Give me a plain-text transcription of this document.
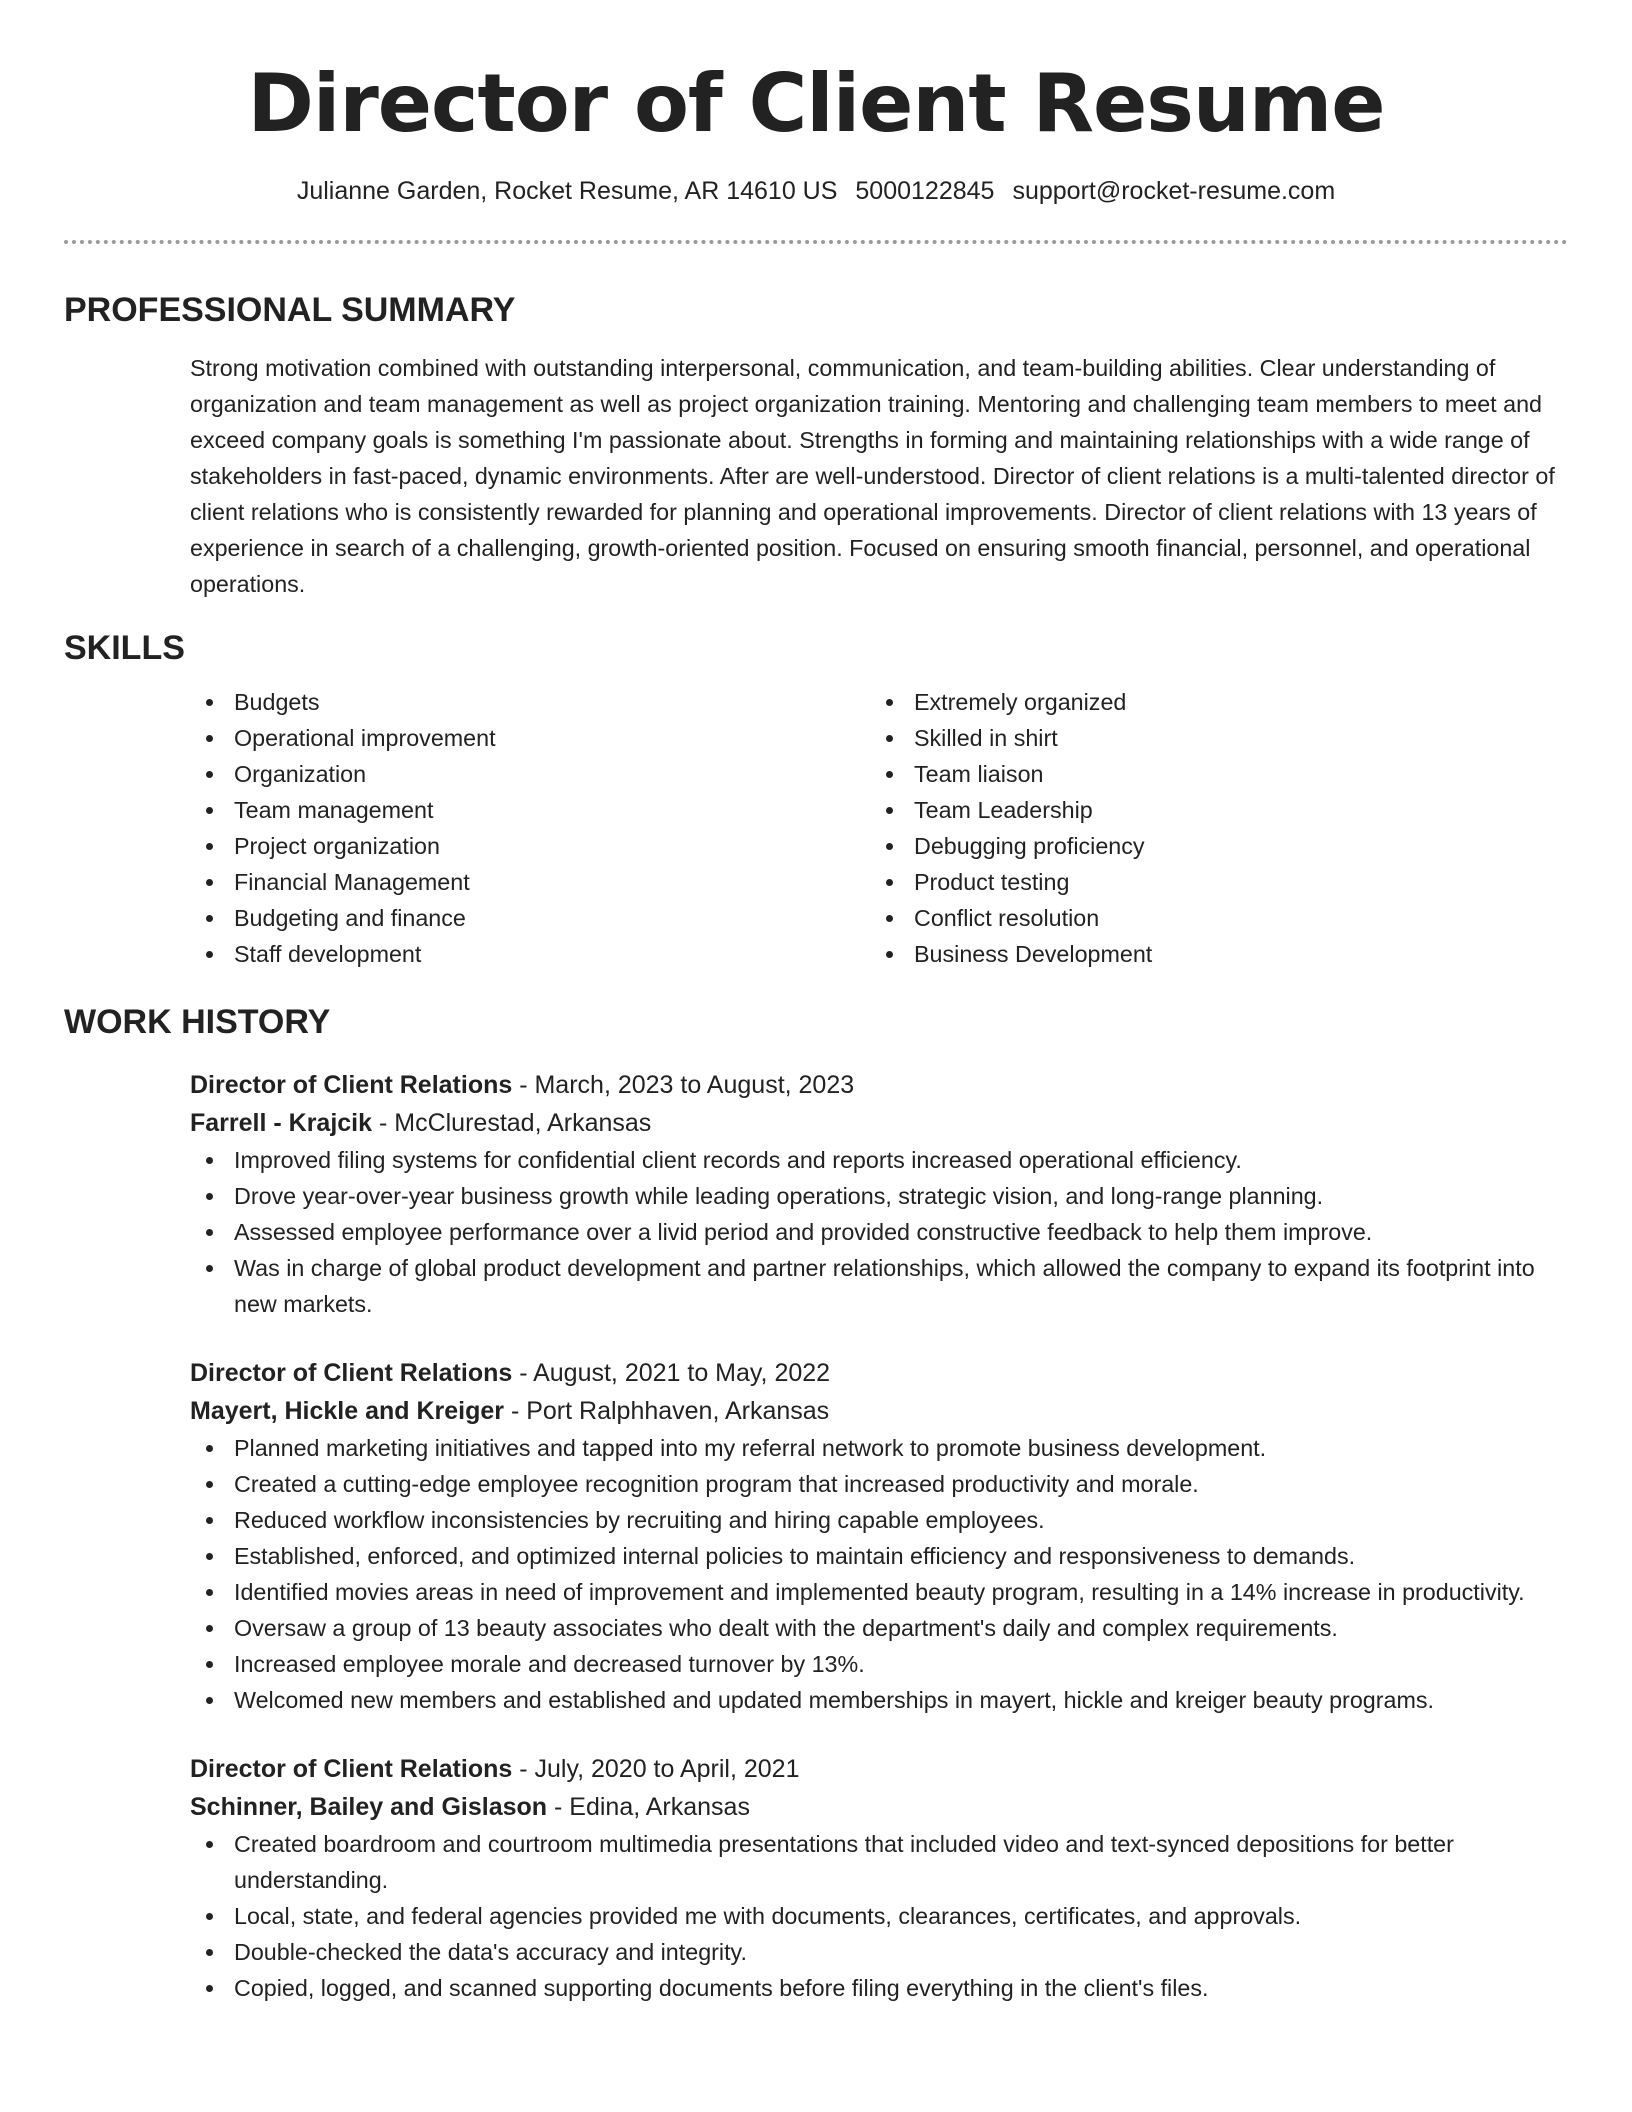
Director of Client Resume
Julianne Garden, Rocket Resume, AR 14610 US 5000122845 support@rocket-resume.com
PROFESSIONAL SUMMARY
Strong motivation combined with outstanding interpersonal, communication, and team-building abilities. Clear understanding of organization and team management as well as project organization training. Mentoring and challenging team members to meet and exceed company goals is something I'm passionate about. Strengths in forming and maintaining relationships with a wide range of stakeholders in fast-paced, dynamic environments. After are well-understood. Director of client relations is a multi-talented director of client relations who is consistently rewarded for planning and operational improvements. Director of client relations with 13 years of experience in search of a challenging, growth-oriented position. Focused on ensuring smooth financial, personnel, and operational operations.
SKILLS
Budgets
Operational improvement
Organization
Team management
Project organization
Financial Management
Budgeting and finance
Staff development
Extremely organized
Skilled in shirt
Team liaison
Team Leadership
Debugging proficiency
Product testing
Conflict resolution
Business Development
WORK HISTORY
Director of Client Relations - March, 2023 to August, 2023
Farrell - Krajcik - McClurestad, Arkansas
Improved filing systems for confidential client records and reports increased operational efficiency.
Drove year-over-year business growth while leading operations, strategic vision, and long-range planning.
Assessed employee performance over a livid period and provided constructive feedback to help them improve.
Was in charge of global product development and partner relationships, which allowed the company to expand its footprint into new markets.
Director of Client Relations - August, 2021 to May, 2022
Mayert, Hickle and Kreiger - Port Ralphhaven, Arkansas
Planned marketing initiatives and tapped into my referral network to promote business development.
Created a cutting-edge employee recognition program that increased productivity and morale.
Reduced workflow inconsistencies by recruiting and hiring capable employees.
Established, enforced, and optimized internal policies to maintain efficiency and responsiveness to demands.
Identified movies areas in need of improvement and implemented beauty program, resulting in a 14% increase in productivity.
Oversaw a group of 13 beauty associates who dealt with the department's daily and complex requirements.
Increased employee morale and decreased turnover by 13%.
Welcomed new members and established and updated memberships in mayert, hickle and kreiger beauty programs.
Director of Client Relations - July, 2020 to April, 2021
Schinner, Bailey and Gislason - Edina, Arkansas
Created boardroom and courtroom multimedia presentations that included video and text-synced depositions for better understanding.
Local, state, and federal agencies provided me with documents, clearances, certificates, and approvals.
Double-checked the data's accuracy and integrity.
Copied, logged, and scanned supporting documents before filing everything in the client's files.
